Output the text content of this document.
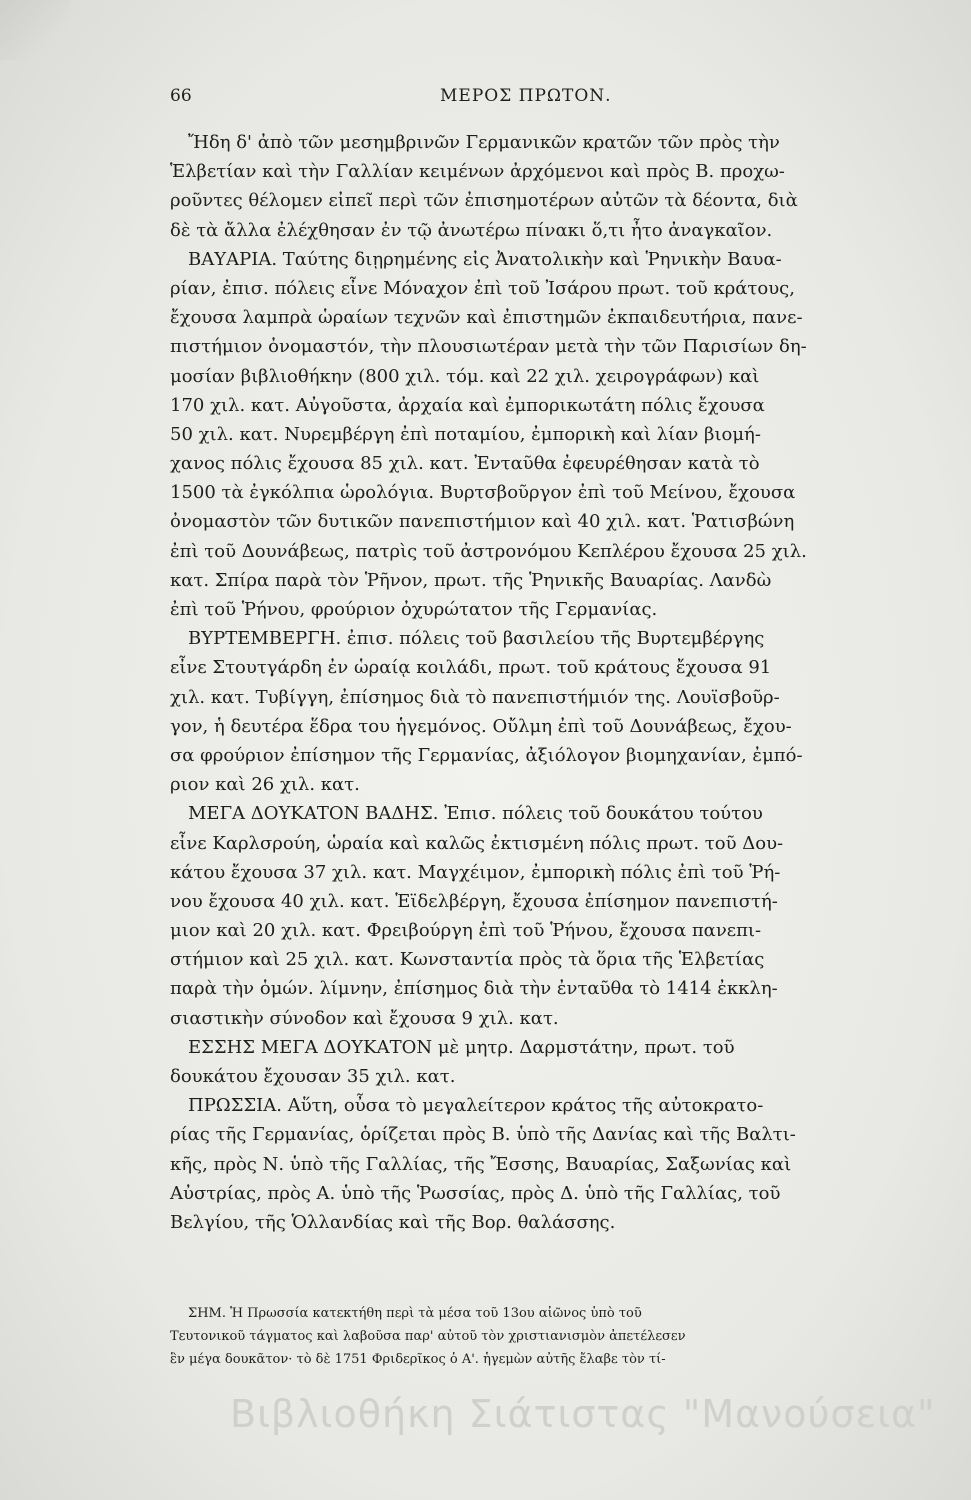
66	ΜΕΡΟΣ ΠΡΩΤΟΝ.
Ἤδη δ' ἀπὸ τῶν μεσημβρινῶν Γερμανικῶν κρατῶν τῶν πρὸς τὴν
Ἑλβετίαν καὶ τὴν Γαλλίαν κειμένων ἀρχόμενοι καὶ πρὸς Β. προχω-
ροῦντες θέλομεν εἰπεῖ περὶ τῶν ἐπισημοτέρων αὐτῶν τὰ δέοντα, διὰ
δὲ τὰ ἄλλα ἐλέχθησαν ἐν τῷ ἀνωτέρω πίνακι ὅ,τι ἦτο ἀναγκαῖον.
ΒΑΥΑΡΙΑ. Ταύτης διῃρημένης εἰς Ἀνατολικὴν καὶ Ῥηνικὴν Βαυα-
ρίαν, ἐπισ. πόλεις εἶνε Μόναχον ἐπὶ τοῦ Ἰσάρου πρωτ. τοῦ κράτους,
ἔχουσα λαμπρὰ ὡραίων τεχνῶν καὶ ἐπιστημῶν ἐκπαιδευτήρια, πανε-
πιστήμιον ὀνομαστόν, τὴν πλουσιωτέραν μετὰ τὴν τῶν Παρισίων δη-
μοσίαν βιβλιοθήκην (800 χιλ. τόμ. καὶ 22 χιλ. χειρογράφων) καὶ
170 χιλ. κατ. Αὐγοῦστα, ἀρχαία καὶ ἐμπορικωτάτη πόλις ἔχουσα
50 χιλ. κατ. Νυρεμβέργη ἐπὶ ποταμίου, ἐμπορικὴ καὶ λίαν βιομή-
χανος πόλις ἔχουσα 85 χιλ. κατ. Ἐνταῦθα ἐφευρέθησαν κατὰ τὸ
1500 τὰ ἐγκόλπια ὡρολόγια. Βυρτσβοῦργον ἐπὶ τοῦ Μείνου, ἔχουσα
ὀνομαστὸν τῶν δυτικῶν πανεπιστήμιον καὶ 40 χιλ. κατ. Ῥατισβώνη
ἐπὶ τοῦ Δουνάβεως, πατρὶς τοῦ ἀστρονόμου Κεπλέρου ἔχουσα 25 χιλ.
κατ. Σπίρα παρὰ τὸν Ῥῆνον, πρωτ. τῆς Ῥηνικῆς Βαυαρίας. Λανδὼ
ἐπὶ τοῦ Ῥήνου, φρούριον ὀχυρώτατον τῆς Γερμανίας.
ΒΥΡΤΕΜΒΕΡΓΗ. ἐπισ. πόλεις τοῦ βασιλείου τῆς Βυρτεμβέργης
εἶνε Στουτγάρδη ἐν ὡραίᾳ κοιλάδι, πρωτ. τοῦ κράτους ἔχουσα 91
χιλ. κατ. Τυβίγγη, ἐπίσημος διὰ τὸ πανεπιστήμιόν της. Λουϊσβοῦρ-
γον, ἡ δευτέρα ἕδρα του ἡγεμόνος. Οὔλμη ἐπὶ τοῦ Δουνάβεως, ἔχου-
σα φρούριον ἐπίσημον τῆς Γερμανίας, ἀξιόλογον βιομηχανίαν, ἐμπό-
ριον καὶ 26 χιλ. κατ.
ΜΕΓΑ ΔΟΥΚΑΤΟΝ ΒΑΔΗΣ. Ἐπισ. πόλεις τοῦ δουκάτου τούτου
εἶνε Καρλσρούη, ὡραία καὶ καλῶς ἐκτισμένη πόλις πρωτ. τοῦ Δου-
κάτου ἔχουσα 37 χιλ. κατ. Μαγχέιμον, ἐμπορικὴ πόλις ἐπὶ τοῦ Ῥή-
νου ἔχουσα 40 χιλ. κατ. Ἑϊδελβέργη, ἔχουσα ἐπίσημον πανεπιστή-
μιον καὶ 20 χιλ. κατ. Φρειβούργη ἐπὶ τοῦ Ῥήνου, ἔχουσα πανεπι-
στήμιον καὶ 25 χιλ. κατ. Κωνσταντία πρὸς τὰ ὅρια τῆς Ἑλβετίας
παρὰ τὴν ὁμών. λίμνην, ἐπίσημος διὰ τὴν ἐνταῦθα τὸ 1414 ἐκκλη-
σιαστικὴν σύνοδον καὶ ἔχουσα 9 χιλ. κατ.
ΕΣΣΗΣ ΜΕΓΑ ΔΟΥΚΑΤΟΝ μὲ μητρ. Δαρμστάτην, πρωτ. τοῦ
δουκάτου ἔχουσαν 35 χιλ. κατ.
ΠΡΩΣΣΙΑ. Αὕτη, οὖσα τὸ μεγαλείτερον κράτος τῆς αὐτοκρατο-
ρίας τῆς Γερμανίας, ὁρίζεται πρὸς Β. ὑπὸ τῆς Δανίας καὶ τῆς Βαλτι-
κῆς, πρὸς Ν. ὑπὸ τῆς Γαλλίας, τῆς Ἔσσης, Βαυαρίας, Σαξωνίας καὶ
Αὐστρίας, πρὸς Α. ὑπὸ τῆς Ῥωσσίας, πρὸς Δ. ὑπὸ τῆς Γαλλίας, τοῦ
Βελγίου, τῆς Ὁλλανδίας καὶ τῆς Βορ. θαλάσσης.
ΣΗΜ. Ἡ Πρωσσία κατεκτήθη περὶ τὰ μέσα τοῦ 13ου αἰῶνος ὑπὸ τοῦ
Τευτονικοῦ τάγματος καὶ λαβοῦσα παρ' αὐτοῦ τὸν χριστιανισμὸν ἀπετέλεσεν
ἓν μέγα δουκᾶτον· τὸ δὲ 1751 Φριδερῖκος ὁ Α'. ἡγεμὼν αὐτῆς ἔλαβε τὸν τί-
Βιβλιοθήκη Σιάτιστας "Μανούσεια"
